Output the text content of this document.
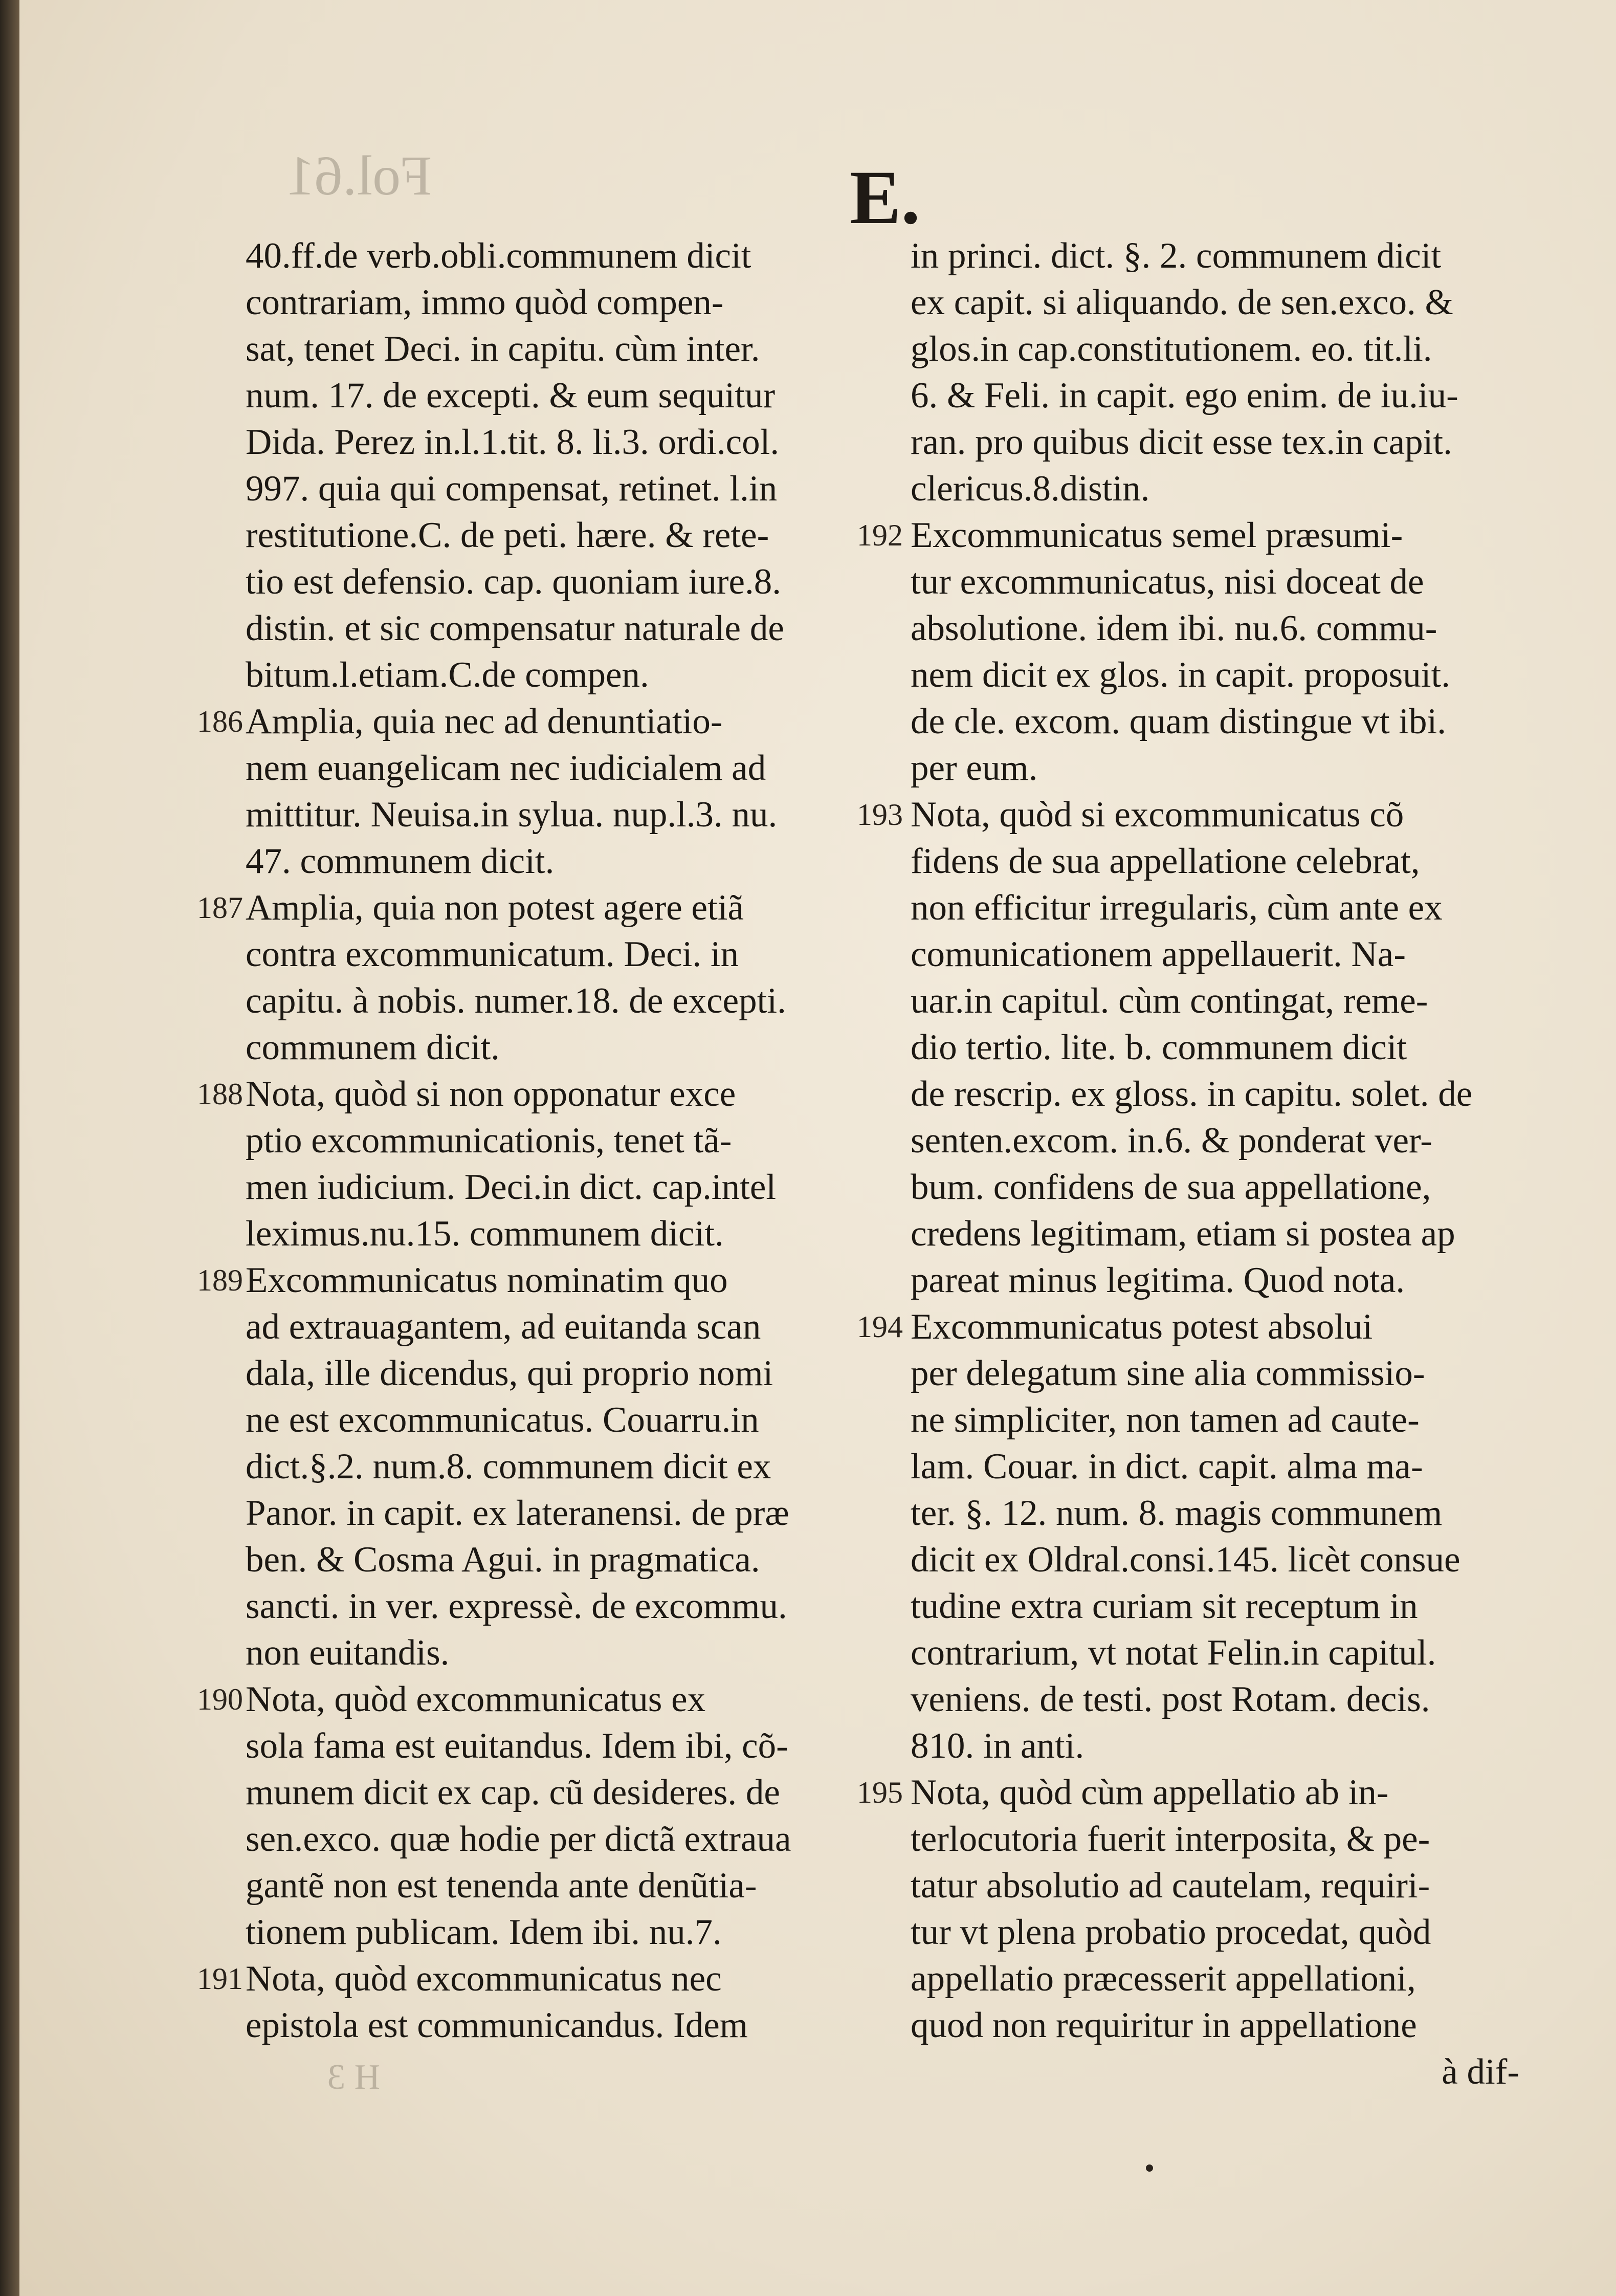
Fol.61
H 3
E.
40.ff.de verb.obli.communem dicit
contrariam, immo quòd compen-
sat, tenet Deci. in capitu. cùm inter.
num. 17. de excepti. & eum sequitur
Dida. Perez in.l.1.tit. 8. li.3. ordi.col.
997. quia qui compensat, retinet. l.in
restitutione.C. de peti. hære. & rete-
tio est defensio. cap. quoniam iure.8.
distin. et sic compensatur naturale de
bitum.l.etiam.C.de compen.
186 Amplia, quia nec ad denuntiatio-
nem euangelicam nec iudicialem ad
mittitur. Neuisa.in sylua. nup.l.3. nu.
47. communem dicit.
187 Amplia, quia non potest agere etiã
contra excommunicatum. Deci. in
capitu. à nobis. numer.18. de excepti.
communem dicit.
188 Nota, quòd si non opponatur exce
ptio excommunicationis, tenet tã-
men iudicium. Deci.in dict. cap.intel
leximus.nu.15. communem dicit.
189 Excommunicatus nominatim quo
ad extrauagantem, ad euitanda scan
dala, ille dicendus, qui proprio nomi
ne est excommunicatus. Couarru.in
dict.§.2. num.8. communem dicit ex
Panor. in capit. ex lateranensi. de præ
ben. & Cosma Agui. in pragmatica.
sancti. in ver. expressè. de excommu.
non euitandis.
190 Nota, quòd excommunicatus ex
sola fama est euitandus. Idem ibi, cõ-
munem dicit ex cap. cũ desideres. de
sen.exco. quæ hodie per dictã extraua
gantẽ non est tenenda ante denũtia-
tionem publicam. Idem ibi. nu.7.
191 Nota, quòd excommunicatus nec
epistola est communicandus. Idem
in princi. dict. §. 2. communem dicit
ex capit. si aliquando. de sen.exco. &
glos.in cap.constitutionem. eo. tit.li.
6. & Feli. in capit. ego enim. de iu.iu-
ran. pro quibus dicit esse tex.in capit.
clericus.8.distin.
192 Excommunicatus semel præsumi-
tur excommunicatus, nisi doceat de
absolutione. idem ibi. nu.6. commu-
nem dicit ex glos. in capit. proposuit.
de cle. excom. quam distingue vt ibi.
per eum.
193 Nota, quòd si excommunicatus cõ
fidens de sua appellatione celebrat,
non efficitur irregularis, cùm ante ex
comunicationem appellauerit. Na-
uar.in capitul. cùm contingat, reme-
dio tertio. lite. b. communem dicit
de rescrip. ex gloss. in capitu. solet. de
senten.excom. in.6. & ponderat ver-
bum. confidens de sua appellatione,
credens legitimam, etiam si postea ap
pareat minus legitima. Quod nota.
194 Excommunicatus potest absolui
per delegatum sine alia commissio-
ne simpliciter, non tamen ad caute-
lam. Couar. in dict. capit. alma ma-
ter. §. 12. num. 8. magis communem
dicit ex Oldral.consi.145. licèt consue
tudine extra curiam sit receptum in
contrarium, vt notat Felin.in capitul.
veniens. de testi. post Rotam. decis.
810. in anti.
195 Nota, quòd cùm appellatio ab in-
terlocutoria fuerit interposita, & pe-
tatur absolutio ad cautelam, requiri-
tur vt plena probatio procedat, quòd
appellatio præcesserit appellationi,
quod non requiritur in appellatione
à dif-
